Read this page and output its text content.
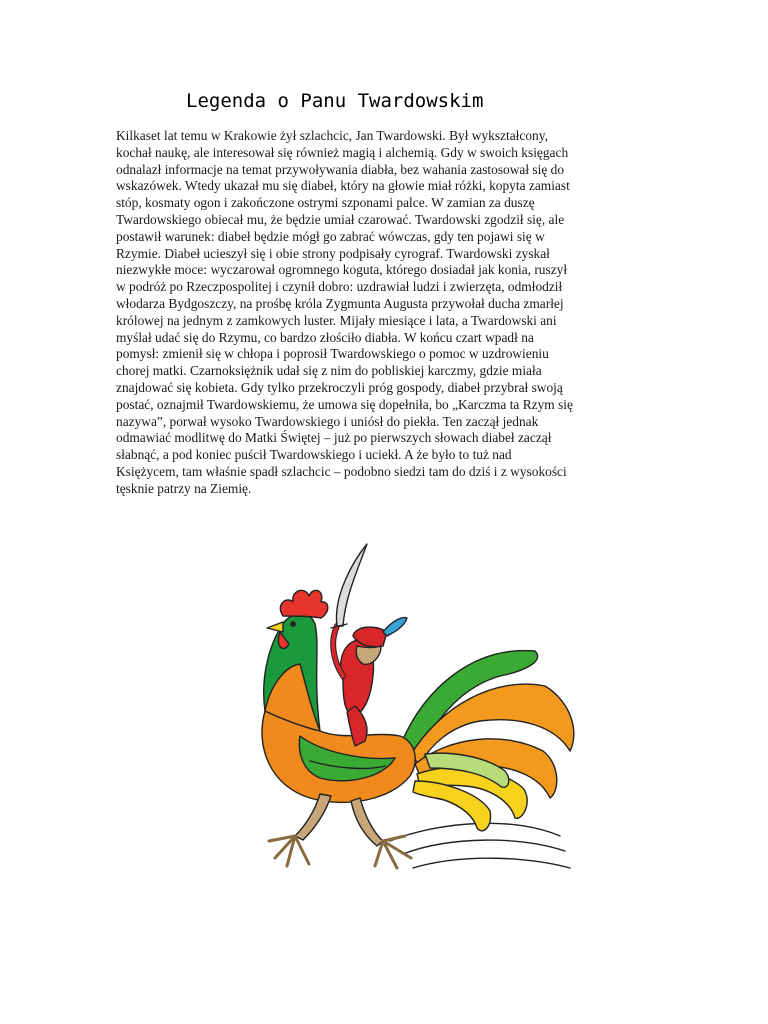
Legenda o Panu Twardowskim
Kilkaset lat temu w Krakowie żył szlachcic, Jan Twardowski. Był wykształcony,
kochał naukę, ale interesował się również magią i alchemią. Gdy w swoich księgach
odnalazł informacje na temat przywoływania diabła, bez wahania zastosował się do
wskazówek. Wtedy ukazał mu się diabeł, który na głowie miał różki, kopyta zamiast
stóp, kosmaty ogon i zakończone ostrymi szponami palce. W zamian za duszę
Twardowskiego obiecał mu, że będzie umiał czarować. Twardowski zgodził się, ale
postawił warunek: diabeł będzie mógł go zabrać wówczas, gdy ten pojawi się w
Rzymie. Diabeł ucieszył się i obie strony podpisały cyrograf. Twardowski zyskał
niezwykłe moce: wyczarował ogromnego koguta, którego dosiadał jak konia, ruszył
w podróż po Rzeczpospolitej i czynił dobro: uzdrawiał ludzi i zwierzęta, odmłodził
włodarza Bydgoszczy, na prośbę króla Zygmunta Augusta przywołał ducha zmarłej
królowej na jednym z zamkowych luster. Mijały miesiące i lata, a Twardowski ani
myślał udać się do Rzymu, co bardzo złościło diabła. W końcu czart wpadł na
pomysł: zmienił się w chłopa i poprosił Twardowskiego o pomoc w uzdrowieniu
chorej matki. Czarnoksiężnik udał się z nim do pobliskiej karczmy, gdzie miała
znajdować się kobieta. Gdy tylko przekroczyli próg gospody, diabeł przybrał swoją
postać, oznajmił Twardowskiemu, że umowa się dopełniła, bo „Karczma ta Rzym się
nazywa”, porwał wysoko Twardowskiego i uniósł do piekła. Ten zaczął jednak
odmawiać modlitwę do Matki Świętej – już po pierwszych słowach diabeł zaczął
słabnąć, a pod koniec puścił Twardowskiego i uciekł. A że było to tuż nad
Księżycem, tam właśnie spadł szlachcic – podobno siedzi tam do dziś i z wysokości
tęsknie patrzy na Ziemię.
